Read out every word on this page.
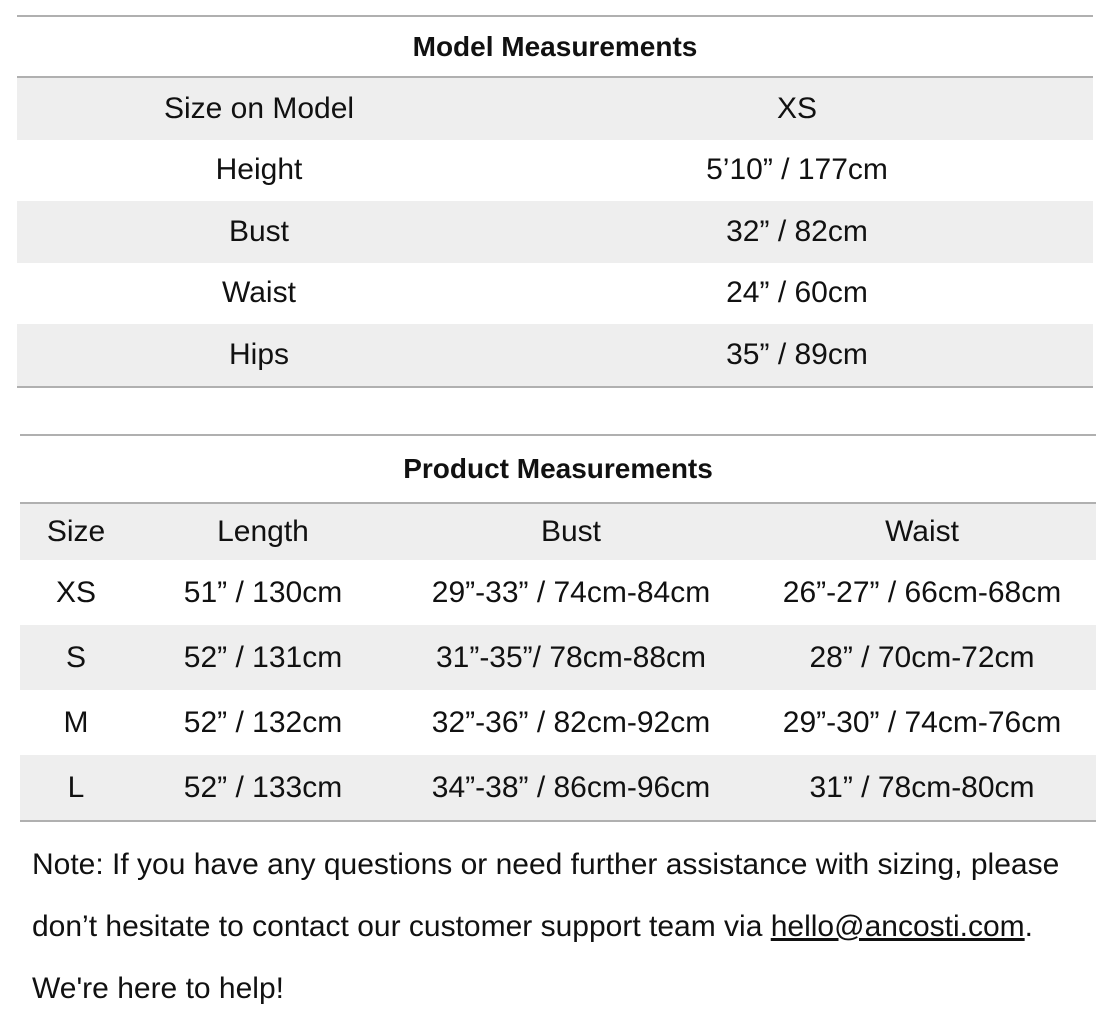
Model Measurements	
Size on Model	XS
Height	5’10” / 177cm
Bust	32” / 82cm
Waist	24” / 60cm
Hips	35” / 89cm
Product Measurements			
Size	Length	Bust	Waist
XS	51” / 130cm	29”-33” / 74cm-84cm	26”-27” / 66cm-68cm
S	52” / 131cm	31”-35”/ 78cm-88cm	28” / 70cm-72cm
M	52” / 132cm	32”-36” / 82cm-92cm	29”-30” / 74cm-76cm
L	52” / 133cm	34”-38” / 86cm-96cm	31” / 78cm-80cm
Note: If you have any questions or need further assistance with sizing, please
don’t hesitate to contact our customer support team via hello@ancosti.com.
We're here to help!
